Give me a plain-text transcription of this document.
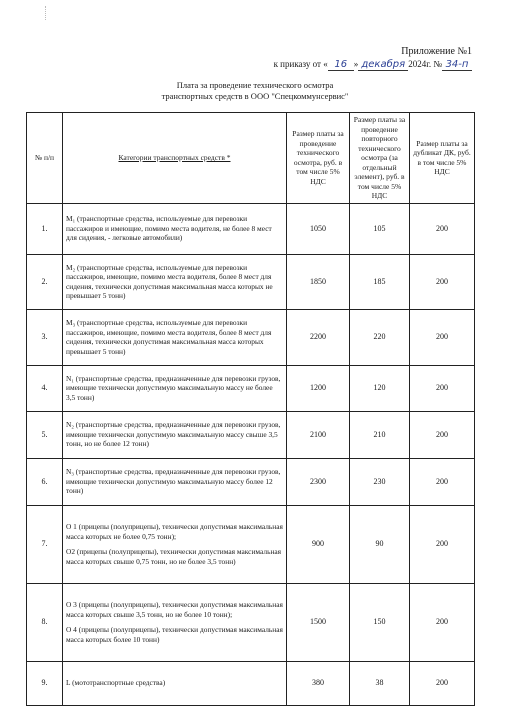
Приложение №1
к приказу от « 16 » декабря 2024г. № 34-п
Плата за проведение технического осмотра
транспортных средств в ООО "Спецкоммунсервис"
№ п/п	Категории транспортных средств *	Размер платы за проведение технического осмотра, руб. в том числе 5% НДС	Размер платы за проведение повторного технического осмотра (за отдельный элемент), руб. в том числе 5% НДС	Размер платы за дубликат ДК, руб. в том числе 5% НДС
1.	M₁ (транспортные средства, используемые для перевозки пассажиров и имеющие, помимо места водителя, не более 8 мест для сидения, - легковые автомобили)	1050	105	200
2.	M₂ (транспортные средства, используемые для перевозки пассажиров, имеющие, помимо места водителя, более 8 мест для сидения, технически допустимая максимальная масса которых не превышает 5 тонн)	1850	185	200
3.	M₃ (транспортные средства, используемые для перевозки пассажиров, имеющие, помимо места водителя, более 8 мест для сидения, технически допустимая максимальная масса которых превышает 5 тонн)	2200	220	200
4.	N₁ (транспортные средства, предназначенные для перевозки грузов, имеющие технически допустимую максимальную массу не более 3,5 тонн)	1200	120	200
5.	N₂ (транспортные средства, предназначенные для перевозки грузов, имеющие технически допустимую максимальную массу свыше 3,5 тонн, но не более 12 тонн)	2100	210	200
6.	N₃ (транспортные средства, предназначенные для перевозки грузов, имеющие технически допустимую максимальную массу более 12 тонн)	2300	230	200
7.	O 1 (прицепы (полуприцепы), технически допустимая максимальная масса которых не более 0,75 тонн);
O2 (прицепы (полуприцепы), технически допустимая максимальная масса которых свыше 0,75 тонн, но не более 3,5 тонн)	900	90	200
8.	O 3 (прицепы (полуприцепы), технически допустимая максимальная масса которых свыше 3,5 тонн, но не более 10 тонн);
O 4 (прицепы (полуприцепы), технически допустимая максимальная масса которых более 10 тонн)	1500	150	200
9.	L (мототранспортные средства)	380	38	200
